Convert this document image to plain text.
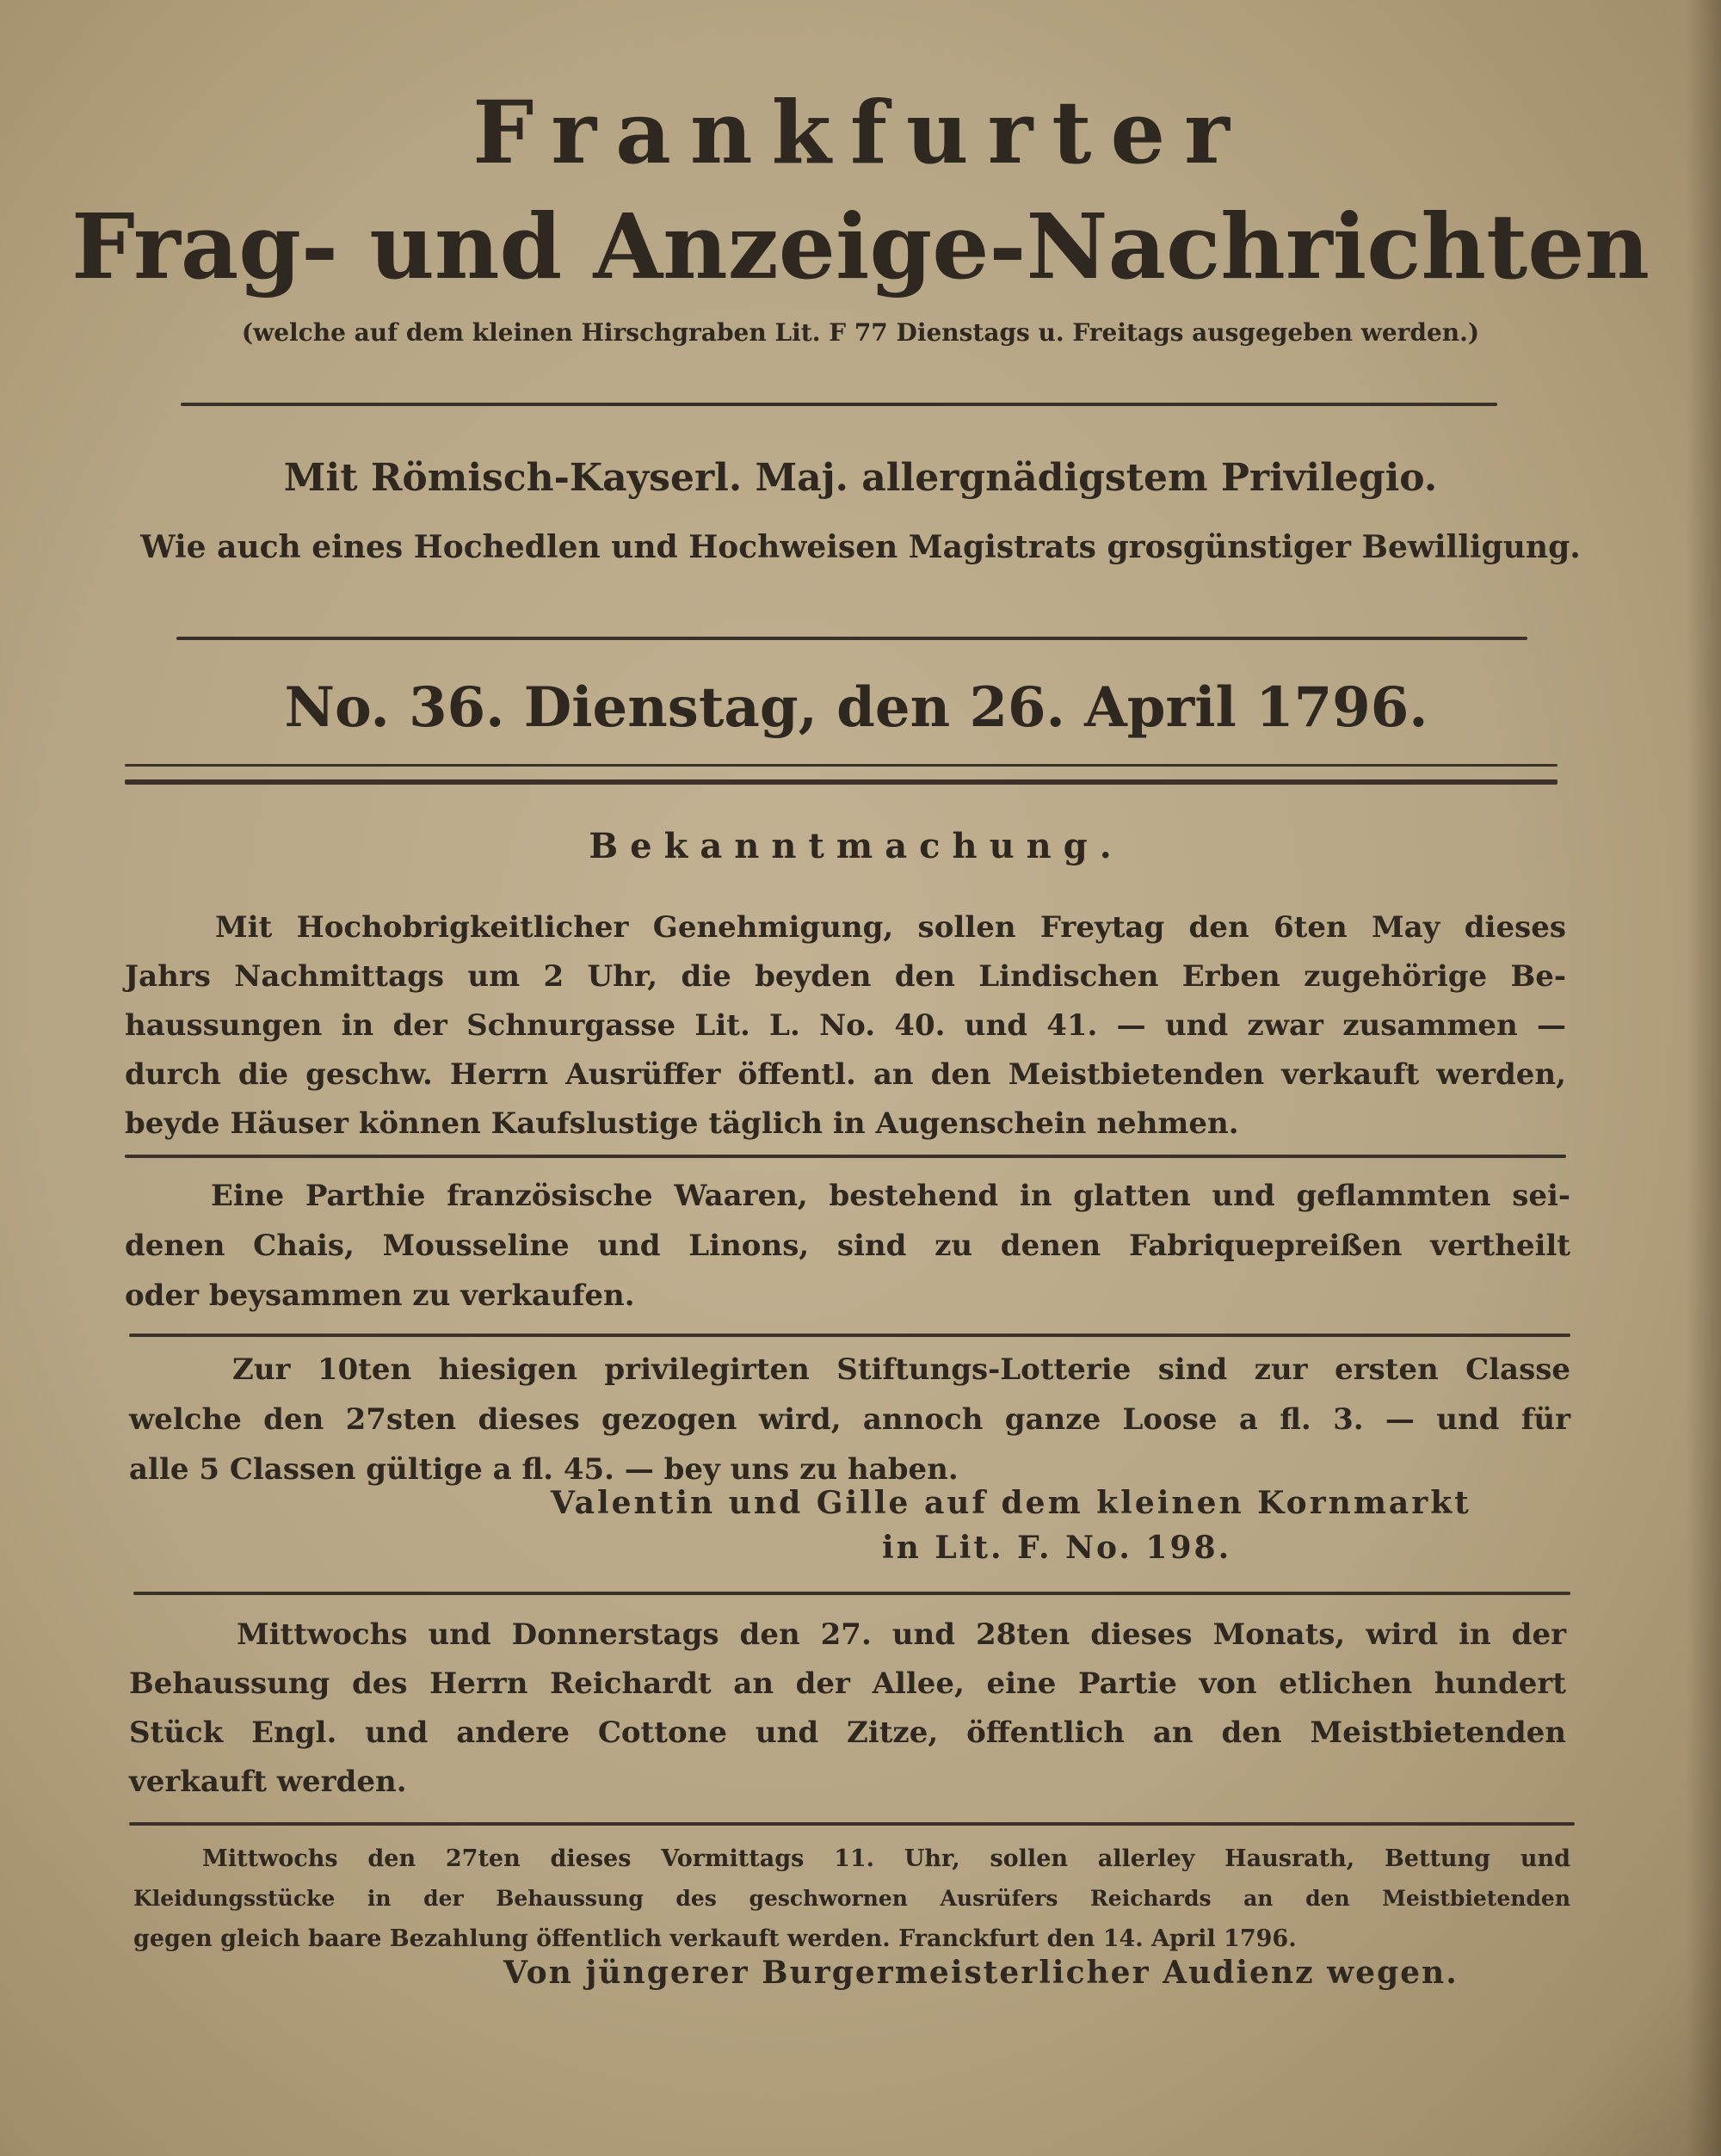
Frankfurter
Frag- und Anzeige-Nachrichten
(welche auf dem kleinen Hirschgraben Lit. F 77 Dienstags u. Freitags ausgegeben werden.)
Mit Römisch-Kayserl. Maj. allergnädigstem Privilegio.
Wie auch eines Hochedlen und Hochweisen Magistrats grosgünstiger Bewilligung.
No. 36. Dienstag, den 26. April 1796.
Bekanntmachung.
Mit Hochobrigkeitlicher Genehmigung, sollen Freytag den 6ten May dieses
Jahrs Nachmittags um 2 Uhr, die beyden den Lindischen Erben zugehörige Be-
haussungen in der Schnurgasse Lit. L. No. 40. und 41. — und zwar zusammen —
durch die geschw. Herrn Ausrüffer öffentl. an den Meistbietenden verkauft werden,
beyde Häuser können Kaufslustige täglich in Augenschein nehmen.
Eine Parthie französische Waaren, bestehend in glatten und geflammten sei-
denen Chais, Mousseline und Linons, sind zu denen Fabriquepreißen vertheilt
oder beysammen zu verkaufen.
Zur 10ten hiesigen privilegirten Stiftungs-Lotterie sind zur ersten Classe
welche den 27sten dieses gezogen wird, annoch ganze Loose a fl. 3. — und für
alle 5 Classen gültige a fl. 45. — bey uns zu haben.
Valentin und Gille auf dem kleinen Kornmarkt
in Lit. F. No. 198.
Mittwochs und Donnerstags den 27. und 28ten dieses Monats, wird in der
Behaussung des Herrn Reichardt an der Allee, eine Partie von etlichen hundert
Stück Engl. und andere Cottone und Zitze, öffentlich an den Meistbietenden
verkauft werden.
Mittwochs den 27ten dieses Vormittags 11. Uhr, sollen allerley Hausrath, Bettung und
Kleidungsstücke in der Behaussung des geschwornen Ausrüfers Reichards an den Meistbietenden
gegen gleich baare Bezahlung öffentlich verkauft werden. Franckfurt den 14. April 1796.
Von jüngerer Burgermeisterlicher Audienz wegen.
